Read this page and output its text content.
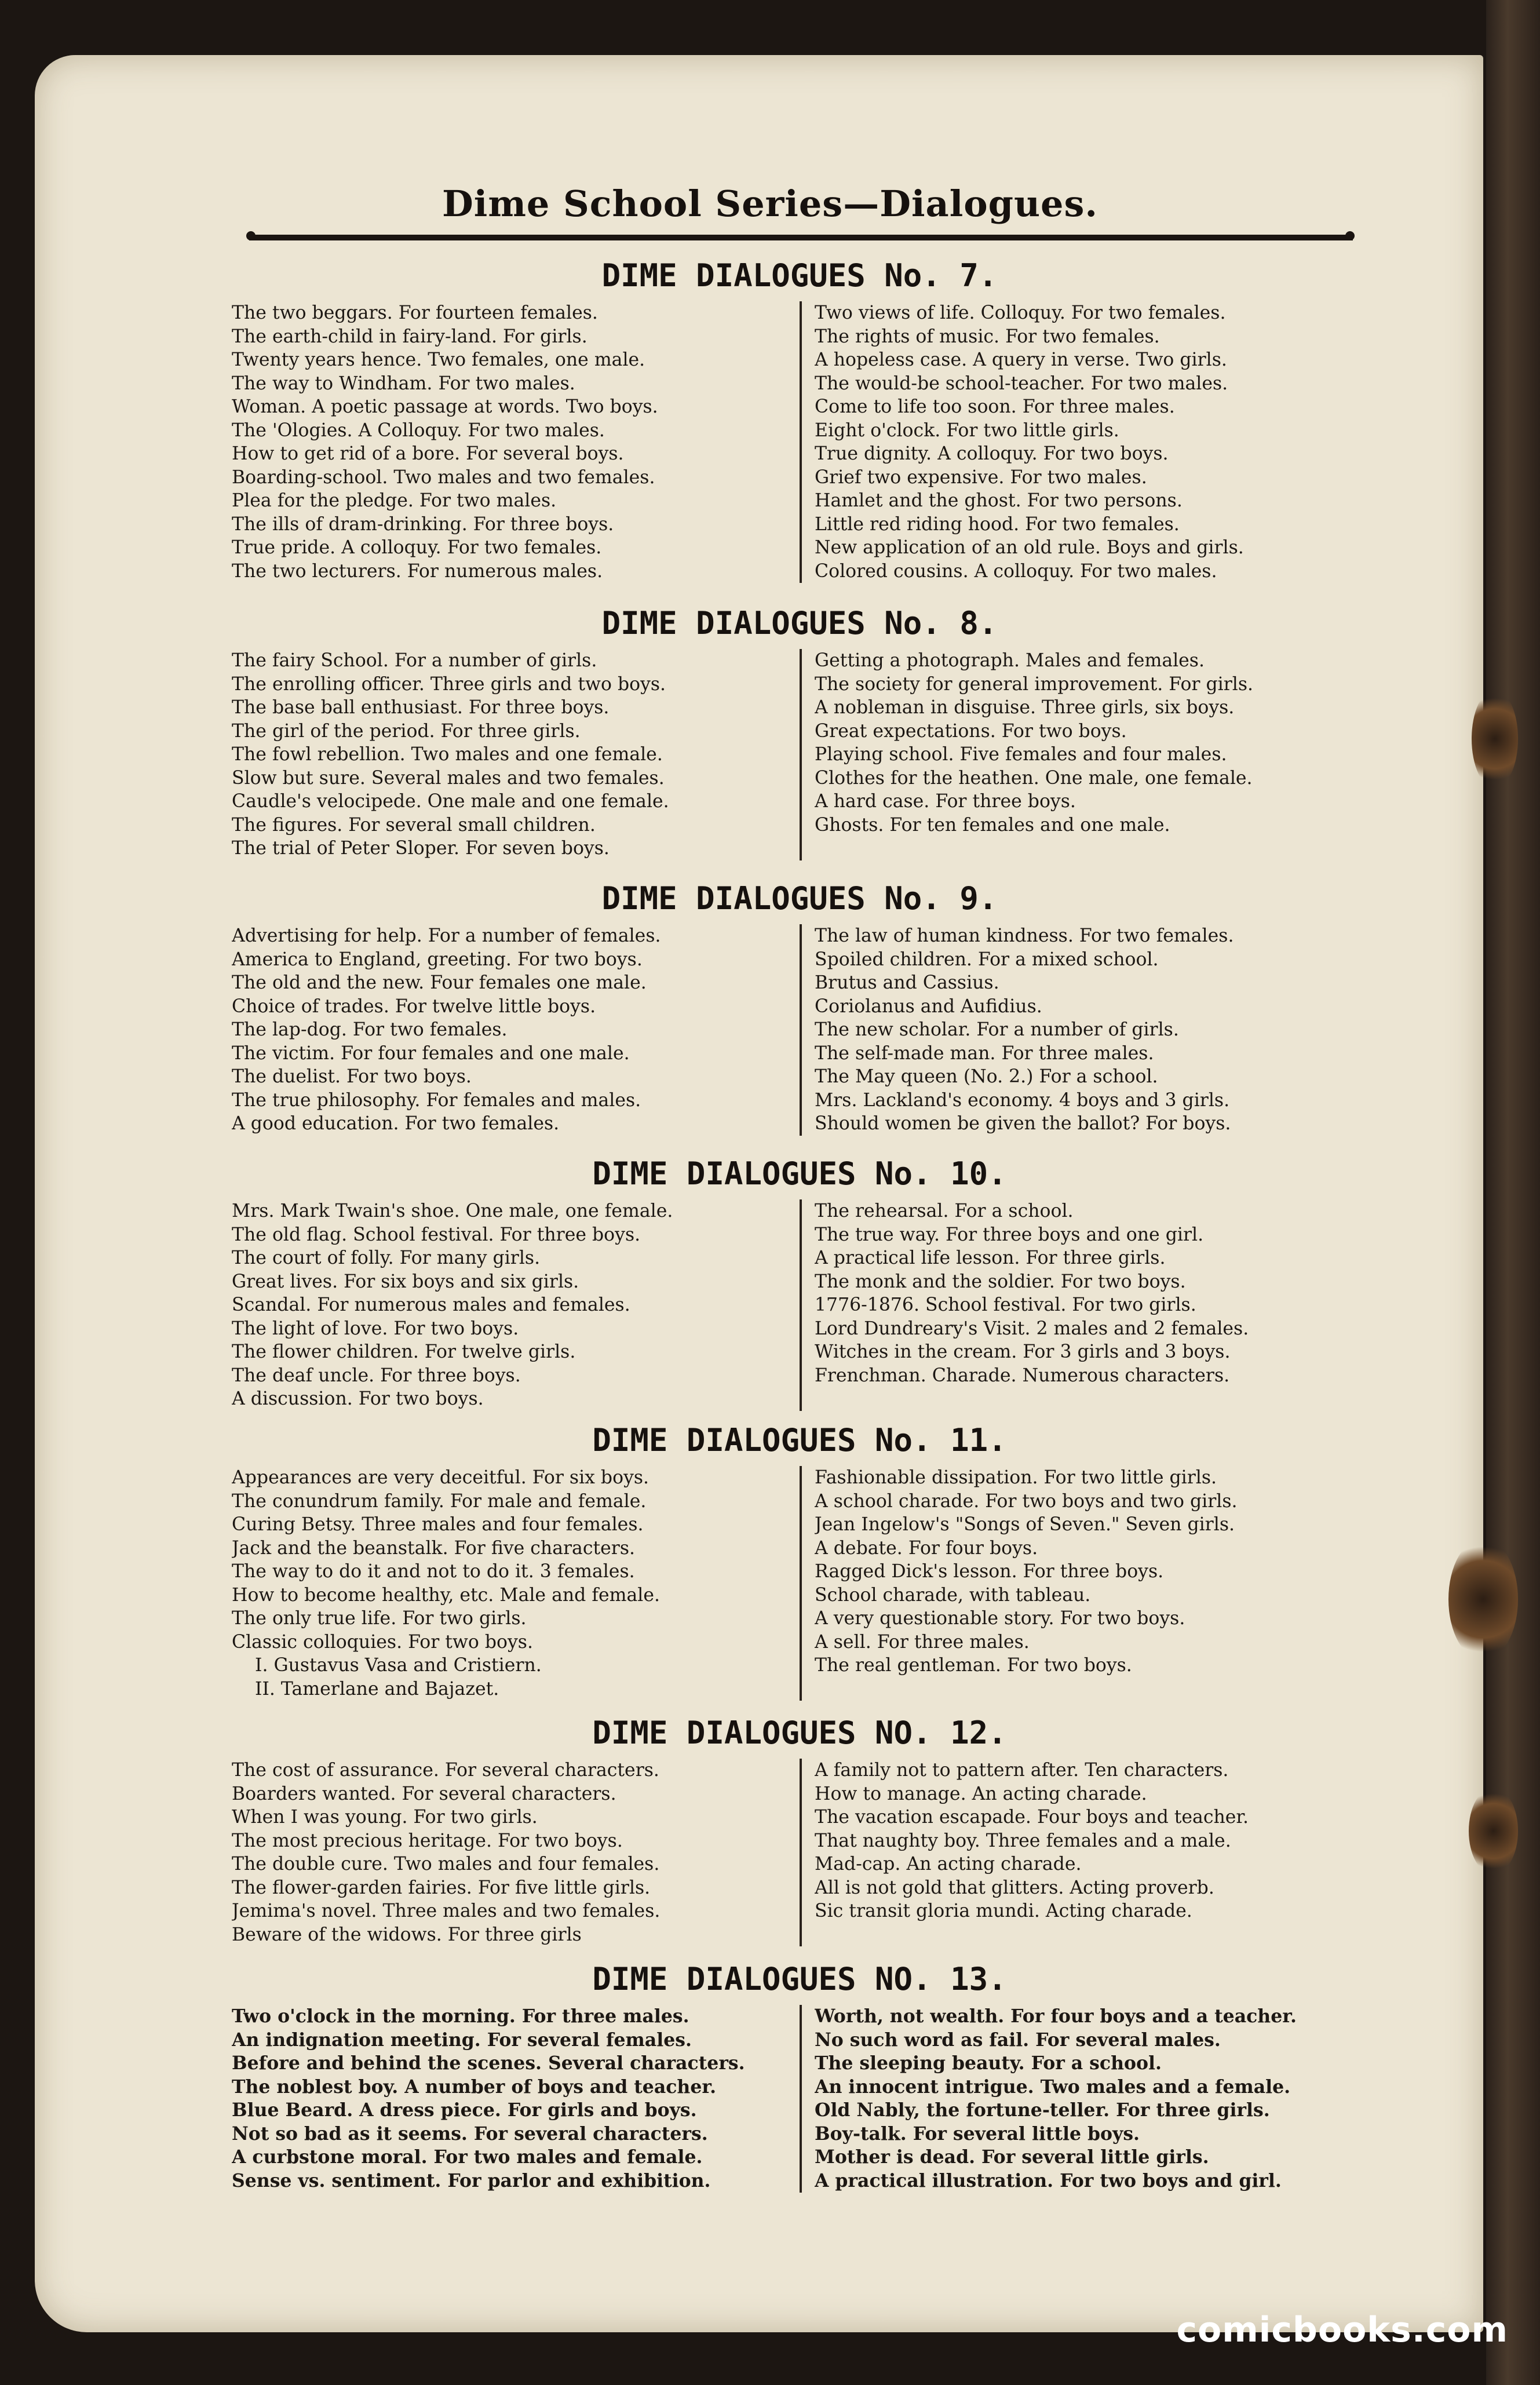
Dime School Series—Dialogues.
DIME DIALOGUES No. 7.
The two beggars. For fourteen females.
The earth-child in fairy-land. For girls.
Twenty years hence. Two females, one male.
The way to Windham. For two males.
Woman. A poetic passage at words. Two boys.
The 'Ologies. A Colloquy. For two males.
How to get rid of a bore. For several boys.
Boarding-school. Two males and two females.
Plea for the pledge. For two males.
The ills of dram-drinking. For three boys.
True pride. A colloquy. For two females.
The two lecturers. For numerous males.
Two views of life. Colloquy. For two females.
The rights of music. For two females.
A hopeless case. A query in verse. Two girls.
The would-be school-teacher. For two males.
Come to life too soon. For three males.
Eight o'clock. For two little girls.
True dignity. A colloquy. For two boys.
Grief two expensive. For two males.
Hamlet and the ghost. For two persons.
Little red riding hood. For two females.
New application of an old rule. Boys and girls.
Colored cousins. A colloquy. For two males.
DIME DIALOGUES No. 8.
The fairy School. For a number of girls.
The enrolling officer. Three girls and two boys.
The base ball enthusiast. For three boys.
The girl of the period. For three girls.
The fowl rebellion. Two males and one female.
Slow but sure. Several males and two females.
Caudle's velocipede. One male and one female.
The figures. For several small children.
The trial of Peter Sloper. For seven boys.
Getting a photograph. Males and females.
The society for general improvement. For girls.
A nobleman in disguise. Three girls, six boys.
Great expectations. For two boys.
Playing school. Five females and four males.
Clothes for the heathen. One male, one female.
A hard case. For three boys.
Ghosts. For ten females and one male.
DIME DIALOGUES No. 9.
Advertising for help. For a number of females.
America to England, greeting. For two boys.
The old and the new. Four females one male.
Choice of trades. For twelve little boys.
The lap-dog. For two females.
The victim. For four females and one male.
The duelist. For two boys.
The true philosophy. For females and males.
A good education. For two females.
The law of human kindness. For two females.
Spoiled children. For a mixed school.
Brutus and Cassius.
Coriolanus and Aufidius.
The new scholar. For a number of girls.
The self-made man. For three males.
The May queen (No. 2.) For a school.
Mrs. Lackland's economy. 4 boys and 3 girls.
Should women be given the ballot? For boys.
DIME DIALOGUES No. 10.
Mrs. Mark Twain's shoe. One male, one female.
The old flag. School festival. For three boys.
The court of folly. For many girls.
Great lives. For six boys and six girls.
Scandal. For numerous males and females.
The light of love. For two boys.
The flower children. For twelve girls.
The deaf uncle. For three boys.
A discussion. For two boys.
The rehearsal. For a school.
The true way. For three boys and one girl.
A practical life lesson. For three girls.
The monk and the soldier. For two boys.
1776-1876. School festival. For two girls.
Lord Dundreary's Visit. 2 males and 2 females.
Witches in the cream. For 3 girls and 3 boys.
Frenchman. Charade. Numerous characters.
DIME DIALOGUES No. 11.
Appearances are very deceitful. For six boys.
The conundrum family. For male and female.
Curing Betsy. Three males and four females.
Jack and the beanstalk. For five characters.
The way to do it and not to do it. 3 females.
How to become healthy, etc. Male and female.
The only true life. For two girls.
Classic colloquies. For two boys.
I. Gustavus Vasa and Cristiern.
II. Tamerlane and Bajazet.
Fashionable dissipation. For two little girls.
A school charade. For two boys and two girls.
Jean Ingelow's "Songs of Seven." Seven girls.
A debate. For four boys.
Ragged Dick's lesson. For three boys.
School charade, with tableau.
A very questionable story. For two boys.
A sell. For three males.
The real gentleman. For two boys.
DIME DIALOGUES NO. 12.
The cost of assurance. For several characters.
Boarders wanted. For several characters.
When I was young. For two girls.
The most precious heritage. For two boys.
The double cure. Two males and four females.
The flower-garden fairies. For five little girls.
Jemima's novel. Three males and two females.
Beware of the widows. For three girls
A family not to pattern after. Ten characters.
How to manage. An acting charade.
The vacation escapade. Four boys and teacher.
That naughty boy. Three females and a male.
Mad-cap. An acting charade.
All is not gold that glitters. Acting proverb.
Sic transit gloria mundi. Acting charade.
DIME DIALOGUES NO. 13.
Two o'clock in the morning. For three males.
An indignation meeting. For several females.
Before and behind the scenes. Several characters.
The noblest boy. A number of boys and teacher.
Blue Beard. A dress piece. For girls and boys.
Not so bad as it seems. For several characters.
A curbstone moral. For two males and female.
Sense vs. sentiment. For parlor and exhibition.
Worth, not wealth. For four boys and a teacher.
No such word as fail. For several males.
The sleeping beauty. For a school.
An innocent intrigue. Two males and a female.
Old Nably, the fortune-teller. For three girls.
Boy-talk. For several little boys.
Mother is dead. For several little girls.
A practical illustration. For two boys and girl.
comicbooks.com
